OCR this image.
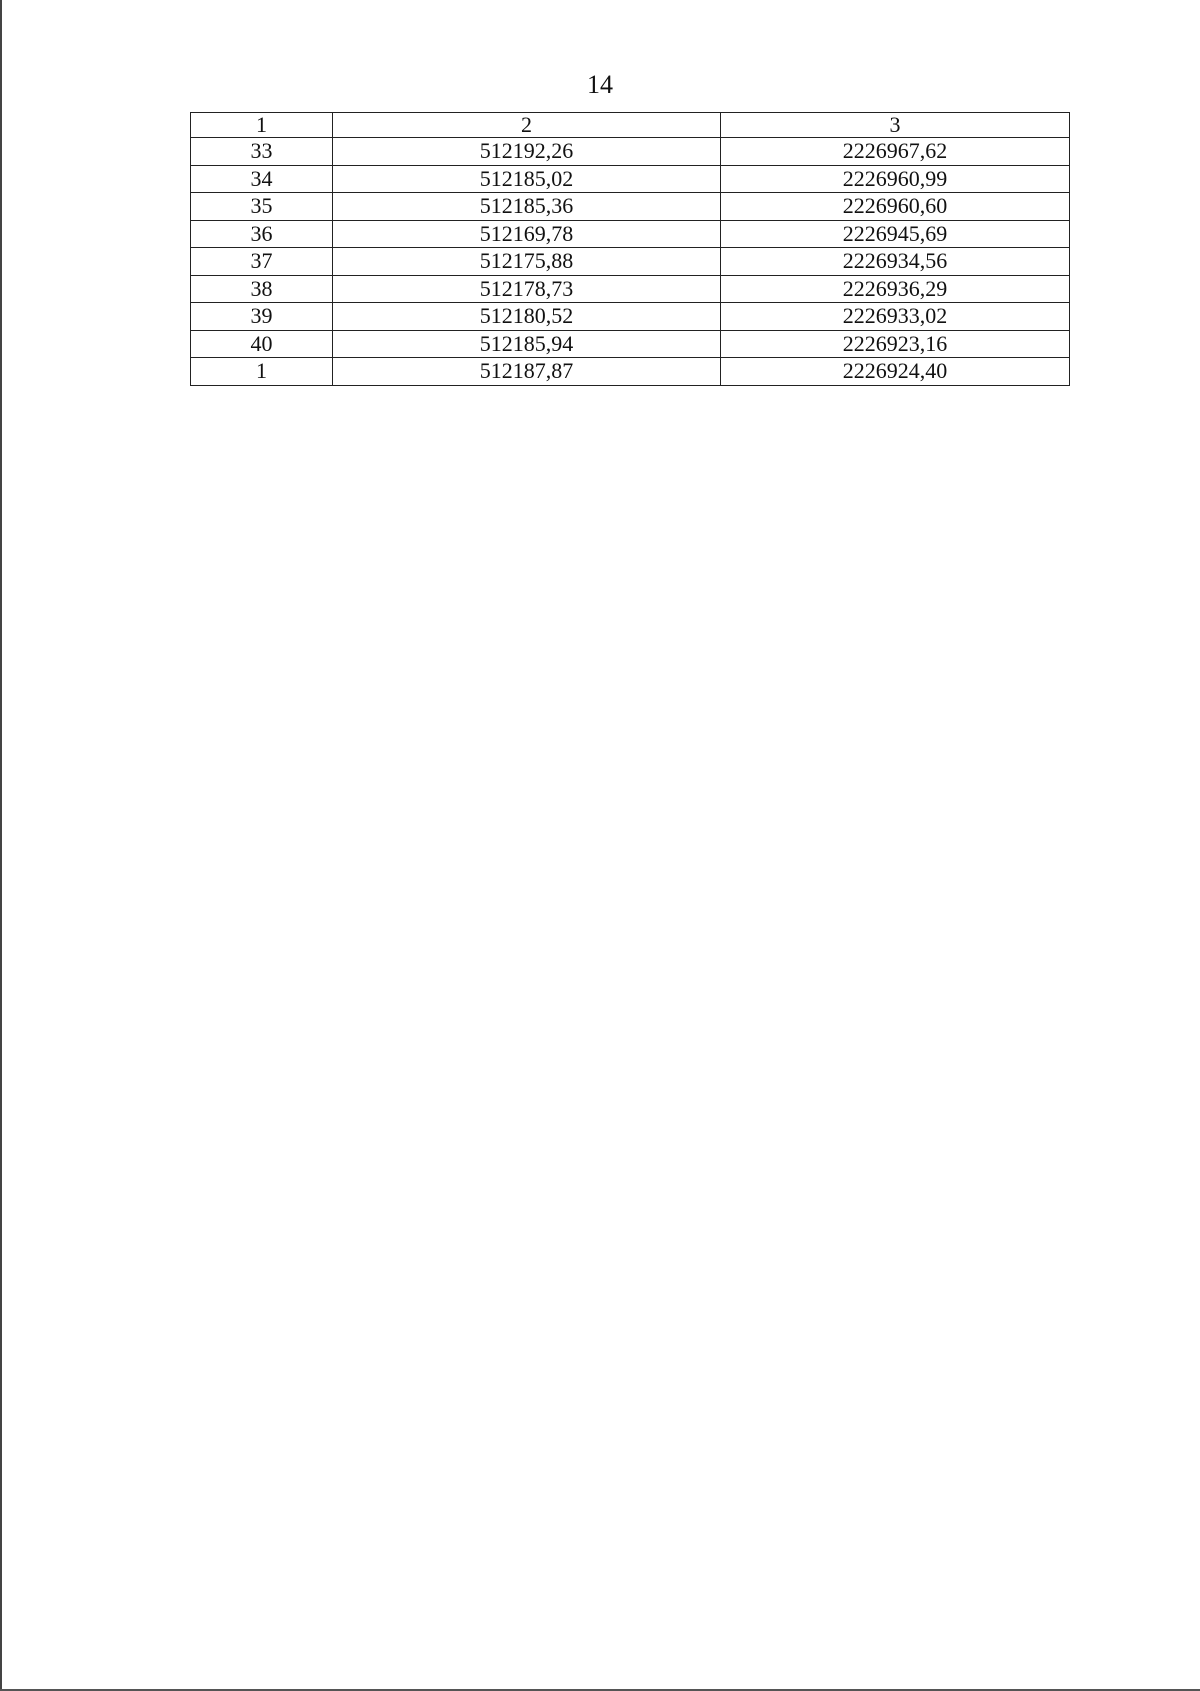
14
1	2	3
33	512192,26	2226967,62
34	512185,02	2226960,99
35	512185,36	2226960,60
36	512169,78	2226945,69
37	512175,88	2226934,56
38	512178,73	2226936,29
39	512180,52	2226933,02
40	512185,94	2226923,16
1	512187,87	2226924,40
